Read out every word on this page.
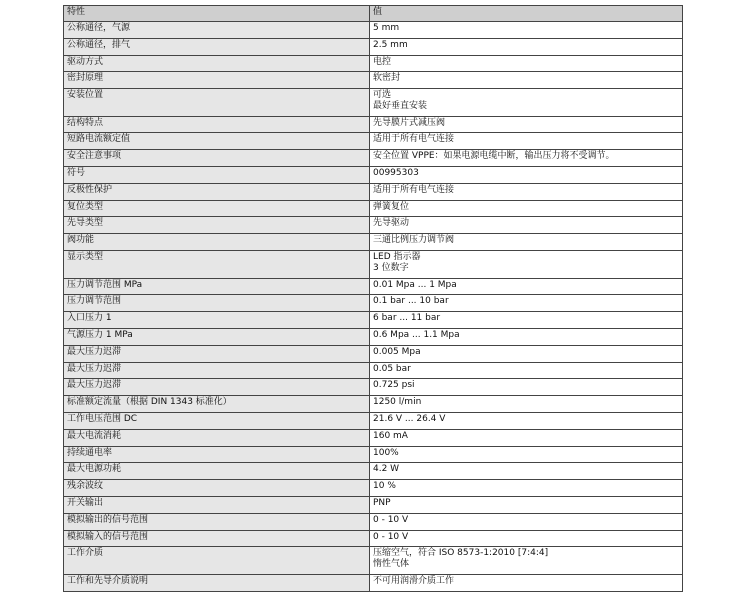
特性	值
公称通径，气源	5 mm

公称通径，排气	2.5 mm

驱动方式	电控

密封原理	软密封

安装位置	可选
最好垂直安装

结构特点	先导膜片式减压阀

短路电流额定值	适用于所有电气连接

安全注意事项	安全位置 VPPE：如果电源电缆中断，输出压力将不受调节。

符号	00995303

反极性保护	适用于所有电气连接

复位类型	弹簧复位

先导类型	先导驱动

阀功能	三通比例压力调节阀

显示类型	LED 指示器
3 位数字

压力调节范围 MPa	0.01 Mpa ... 1 Mpa

压力调节范围	0.1 bar ... 10 bar

入口压力 1	6 bar ... 11 bar

气源压力 1 MPa	0.6 Mpa ... 1.1 Mpa

最大压力迟滞	0.005 Mpa

最大压力迟滞	0.05 bar

最大压力迟滞	0.725 psi

标准额定流量（根据 DIN 1343 标准化）	1250 l/min

工作电压范围 DC	21.6 V ... 26.4 V

最大电流消耗	160 mA

持续通电率	100%

最大电源功耗	4.2 W

残余波纹	10 %

开关输出	PNP

模拟输出的信号范围	0 - 10 V

模拟输入的信号范围	0 - 10 V

工作介质	压缩空气，符合 ISO 8573-1:2010 [7:4:4]
惰性气体

工作和先导介质说明	不可用润滑介质工作
